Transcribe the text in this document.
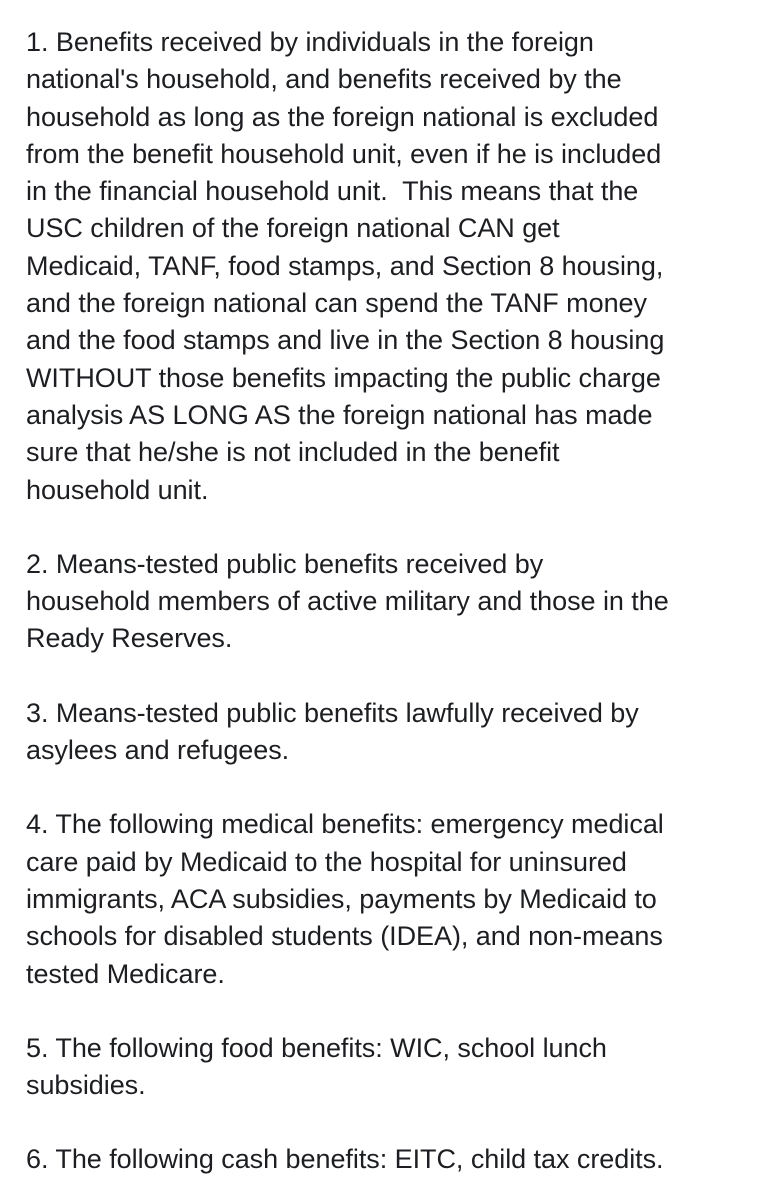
1. Benefits received by individuals in the foreign
national's household, and benefits received by the
household as long as the foreign national is excluded
from the benefit household unit, even if he is included
in the financial household unit.  This means that the
USC children of the foreign national CAN get
Medicaid, TANF, food stamps, and Section 8 housing,
and the foreign national can spend the TANF money
and the food stamps and live in the Section 8 housing
WITHOUT those benefits impacting the public charge
analysis AS LONG AS the foreign national has made
sure that he/she is not included in the benefit
household unit.
2. Means-tested public benefits received by
household members of active military and those in the
Ready Reserves.
3. Means-tested public benefits lawfully received by
asylees and refugees.
4. The following medical benefits: emergency medical
care paid by Medicaid to the hospital for uninsured
immigrants, ACA subsidies, payments by Medicaid to
schools for disabled students (IDEA), and non-means
tested Medicare.
5. The following food benefits: WIC, school lunch
subsidies.
6. The following cash benefits: EITC, child tax credits.
